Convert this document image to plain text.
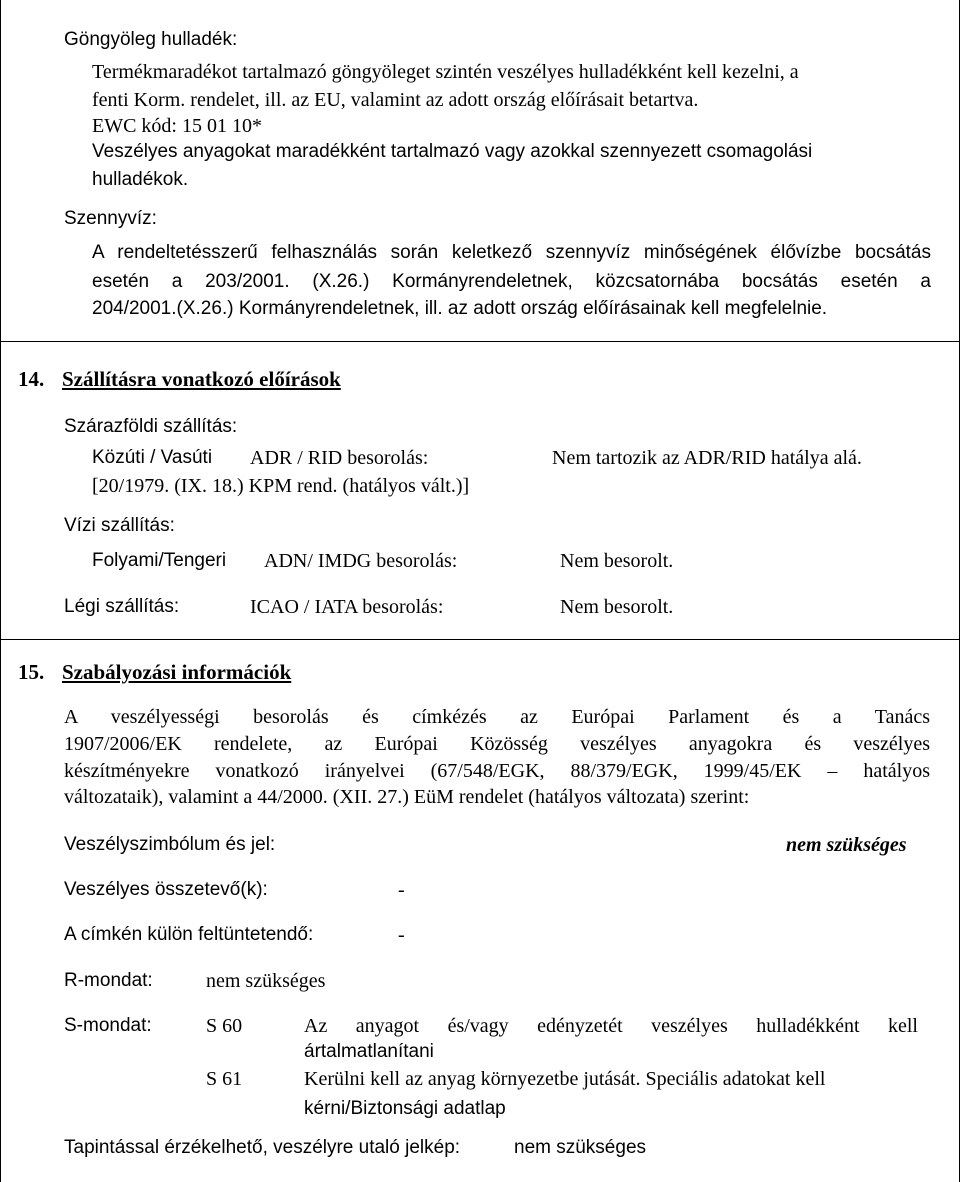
Göngyöleg hulladék:
Termékmaradékot tartalmazó göngyöleget szintén veszélyes hulladékként kell kezelni, a
fenti Korm. rendelet, ill. az EU, valamint az adott ország előírásait betartva.
EWC kód: 15 01 10*
Veszélyes anyagokat maradékként tartalmazó vagy azokkal szennyezett csomagolási
hulladékok.
Szennyvíz:
A rendeltetésszerű felhasználás során keletkező szennyvíz minőségének élővízbe bocsátás
esetén a 203/2001. (X.26.) Kormányrendeletnek, közcsatornába bocsátás esetén a
204/2001.(X.26.) Kormányrendeletnek, ill. az adott ország előírásainak kell megfelelnie.
14. Szállításra vonatkozó előírások
Szárazföldi szállítás:
Közúti / Vasúti ADR / RID besorolás:	Nem tartozik az ADR/RID hatálya alá.
[20/1979. (IX. 18.) KPM rend. (hatályos vált.)]
Vízi szállítás:
Folyami/Tengeri ADN/ IMDG besorolás:	Nem besorolt.
Légi szállítás:	ICAO / IATA besorolás:	Nem besorolt.
15. Szabályozási információk
A veszélyességi besorolás és címkézés az Európai Parlament és a Tanács
1907/2006/EK rendelete, az Európai Közösség veszélyes anyagokra és veszélyes
készítményekre vonatkozó irányelvei (67/548/EGK, 88/379/EGK, 1999/45/EK – hatályos
változataik), valamint a 44/2000. (XII. 27.) EüM rendelet (hatályos változata) szerint:
Veszélyszimbólum és jel:	nem szükséges
Veszélyes összetevő(k):	-
A címkén külön feltüntetendő:	-
R-mondat:	nem szükséges
S-mondat:	S 60	Az anyagot és/vagy edényzetét veszélyes hulladékként kell
ártalmatlanítani
S 61	Kerülni kell az anyag környezetbe jutását. Speciális adatokat kell
kérni/Biztonsági adatlap
Tapintással érzékelhető, veszélyre utaló jelkép:	nem szükséges
